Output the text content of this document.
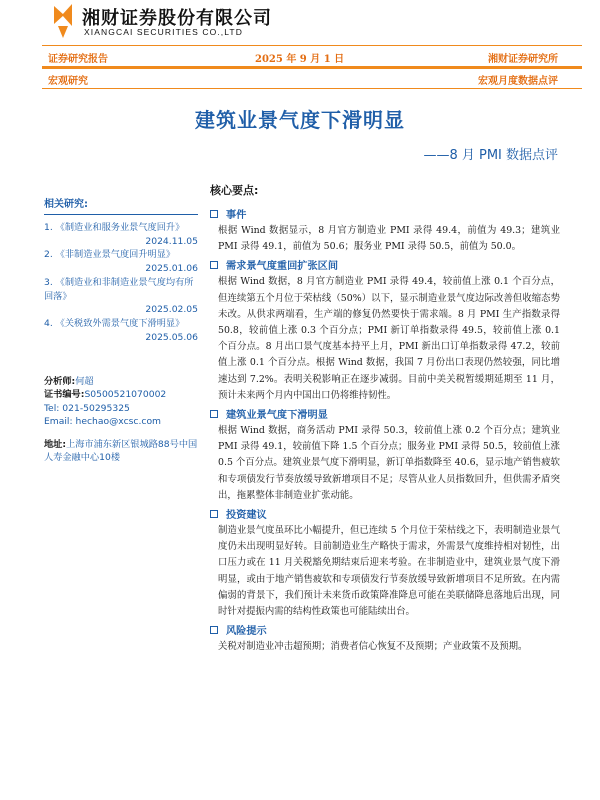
湘财证券股份有限公司
XIANGCAI SECURITIES CO.,LTD
证券研究报告	2025 年 9 月 1 日	湘财证券研究所
宏观研究	宏观月度数据点评
建筑业景气度下滑明显
——8 月 PMI 数据点评
相关研究:
1. 《制造业和服务业景气度回升》
2024.11.05
2. 《非制造业景气度回升明显》
2025.01.06
3. 《制造业和非制造业景气度均有所回落》
2025.02.05
4. 《关税致外需景气度下滑明显》
2025.05.06
分析师:何超
证书编号:S0500521070002
Tel: 021-50295325
Email: hechao@xcsc.com
地址:上海市浦东新区银城路88号中国人寿金融中心10楼
核心要点:
事件

根据 Wind 数据显示，8 月官方制造业 PMI 录得 49.4，前值为 49.3；建筑业 PMI 录得 49.1，前值为 50.6；服务业 PMI 录得 50.5，前值为 50.0。

需求景气度重回扩张区间

根据 Wind 数据，8 月官方制造业 PMI 录得 49.4，较前值上涨 0.1 个百分点，但连续第五个月位于荣枯线（50%）以下，显示制造业景气度边际改善但收缩态势未改。从供求两端看，生产端的修复仍然要快于需求端。8 月 PMI 生产指数录得 50.8，较前值上涨 0.3 个百分点；PMI 新订单指数录得 49.5，较前值上涨 0.1 个百分点。8 月出口景气度基本持平上月，PMI 新出口订单指数录得 47.2，较前值上涨 0.1 个百分点。根据 Wind 数据，我国 7 月份出口表现仍然较强，同比增速达到 7.2%。表明关税影响正在逐步减弱。目前中美关税暂缓期延期至 11 月，预计未来两个月内中国出口仍将维持韧性。

建筑业景气度下滑明显

根据 Wind 数据，商务活动 PMI 录得 50.3，较前值上涨 0.2 个百分点；建筑业 PMI 录得 49.1，较前值下降 1.5 个百分点；服务业 PMI 录得 50.5，较前值上涨 0.5 个百分点。建筑业景气度下滑明显，新订单指数降至 40.6，显示地产销售疲软和专项债发行节奏放缓导致新增项目不足；尽管从业人员指数回升，但供需矛盾突出，拖累整体非制造业扩张动能。

投资建议

制造业景气度虽环比小幅提升，但已连续 5 个月位于荣枯线之下，表明制造业景气度仍未出现明显好转。目前制造业生产略快于需求，外需景气度维持相对韧性，出口压力或在 11 月关税豁免期结束后迎来考验。在非制造业中，建筑业景气度下滑明显，或由于地产销售疲软和专项债发行节奏放缓导致新增项目不足所致。在内需偏弱的背景下，我们预计未来货币政策降准降息可能在美联储降息落地后出现，同时针对提振内需的结构性政策也可能陆续出台。

风险提示

关税对制造业冲击超预期；消费者信心恢复不及预期；产业政策不及预期。
